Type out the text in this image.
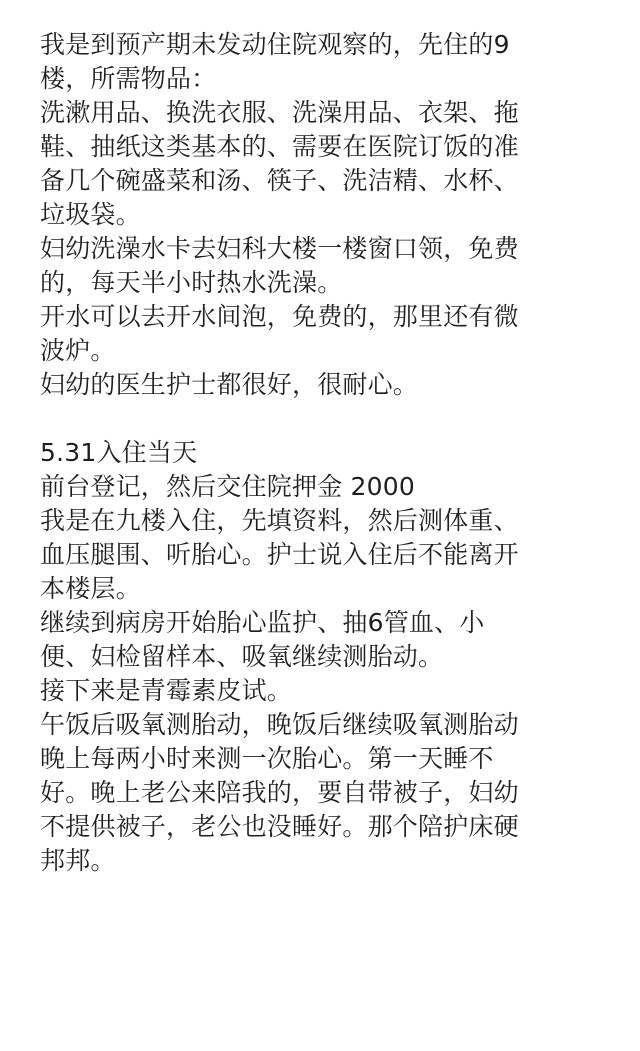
我是到预产期未发动住院观察的，先住的9
楼，所需物品：
洗漱用品、换洗衣服、洗澡用品、衣架、拖
鞋、抽纸这类基本的、需要在医院订饭的准
备几个碗盛菜和汤、筷子、洗洁精、水杯、
垃圾袋。
妇幼洗澡水卡去妇科大楼一楼窗口领，免费
的，每天半小时热水洗澡。
开水可以去开水间泡，免费的，那里还有微
波炉。
妇幼的医生护士都很好，很耐心。
5.31入住当天
前台登记，然后交住院押金 2000
我是在九楼入住，先填资料，然后测体重、
血压腿围、听胎心。护士说入住后不能离开
本楼层。
继续到病房开始胎心监护、抽6管血、小
便、妇检留样本、吸氧继续测胎动。
接下来是青霉素皮试。
午饭后吸氧测胎动，晚饭后继续吸氧测胎动
晚上每两小时来测一次胎心。第一天睡不
好。晚上老公来陪我的，要自带被子，妇幼
不提供被子，老公也没睡好。那个陪护床硬
邦邦。
